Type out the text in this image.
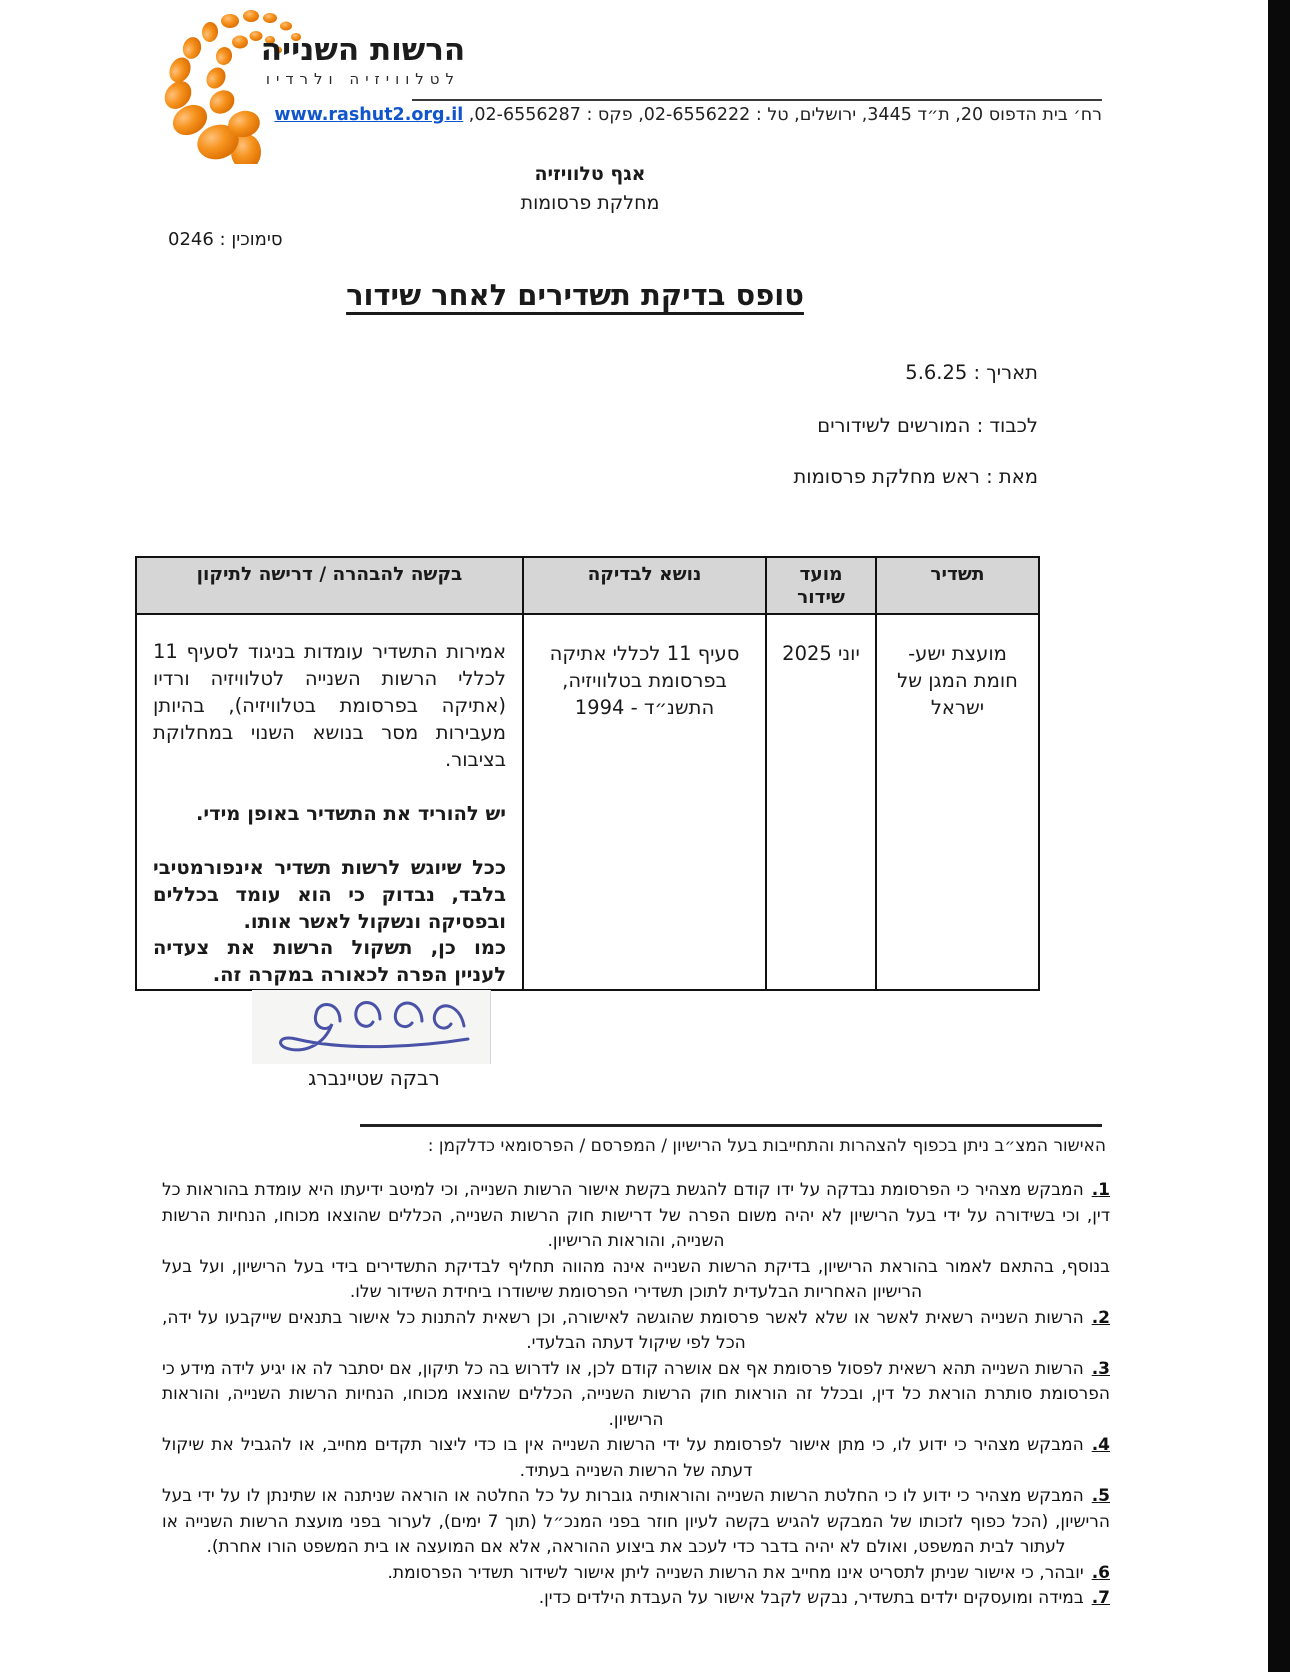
הרשות השנייה
לטלוויזיה ולרדיו
רח׳ בית הדפוס 20, ת״ד 3445, ירושלים, טל : 02-6556222, פקס : 02-6556287, www.rashut2.org.il
אגף טלוויזיה
מחלקת פרסומות
סימוכין : 0246
טופס בדיקת תשדירים לאחר שידור
תאריך : 5.6.25
לכבוד : המורשים לשידורים
מאת : ראש מחלקת פרסומות
תשדיר	מועד שידור	נושא לבדיקה	בקשה להבהרה / דרישה לתיקון
מועצת ישע- חומת המגן של ישראל	יוני 2025	סעיף 11 לכללי אתיקה בפרסומת בטלוויזיה, התשנ״ד - 1994	אמירות התשדיר עומדות בניגוד לסעיף 11 לכללי הרשות השנייה לטלוויזיה ורדיו (אתיקה בפרסומת בטלוויזיה), בהיותן מעבירות מסר בנושא השנוי במחלוקת בציבור.

יש להוריד את התשדיר באופן מידי.

ככל שיוגש לרשות תשדיר אינפורמטיבי בלבד, נבדוק כי הוא עומד בכללים ובפסיקה ונשקול לאשר אותו.

כמו כן, תשקול הרשות את צעדיה לעניין הפרה לכאורה במקרה זה.

רבקה שטיינברג
האישור המצ״ב ניתן בכפוף להצהרות והתחייבות בעל הרישיון / המפרסם / הפרסומאי כדלקמן :

1.המבקש מצהיר כי הפרסומת נבדקה על ידו קודם להגשת בקשת אישור הרשות השנייה, וכי למיטב ידיעתו היא עומדת בהוראות כל דין, וכי בשידורה על ידי בעל הרישיון לא יהיה משום הפרה של דרישות חוק הרשות השנייה, הכללים שהוצאו מכוחו, הנחיות הרשות השנייה, והוראות הרישיון.

בנוסף, בהתאם לאמור בהוראת הרישיון, בדיקת הרשות השנייה אינה מהווה תחליף לבדיקת התשדירים בידי בעל הרישיון, ועל בעל הרישיון האחריות הבלעדית לתוכן תשדירי הפרסומת שישודרו ביחידת השידור שלו.

2.הרשות השנייה רשאית לאשר או שלא לאשר פרסומת שהוגשה לאישורה, וכן רשאית להתנות כל אישור בתנאים שייקבעו על ידה, הכל לפי שיקול דעתה הבלעדי.

3.הרשות השנייה תהא רשאית לפסול פרסומת אף אם אושרה קודם לכן, או לדרוש בה כל תיקון, אם יסתבר לה או יגיע לידה מידע כי הפרסומת סותרת הוראת כל דין, ובכלל זה הוראות חוק הרשות השנייה, הכללים שהוצאו מכוחו, הנחיות הרשות השנייה, והוראות הרישיון.

4.המבקש מצהיר כי ידוע לו, כי מתן אישור לפרסומת על ידי הרשות השנייה אין בו כדי ליצור תקדים מחייב, או להגביל את שיקול דעתה של הרשות השנייה בעתיד.

5.המבקש מצהיר כי ידוע לו כי החלטת הרשות השנייה והוראותיה גוברות על כל החלטה או הוראה שניתנה או שתינתן לו על ידי בעל הרישיון, (הכל כפוף לזכותו של המבקש להגיש בקשה לעיון חוזר בפני המנכ״ל (תוך 7 ימים), לערור בפני מועצת הרשות השנייה או לעתור לבית המשפט, ואולם לא יהיה בדבר כדי לעכב את ביצוע ההוראה, אלא אם המועצה או בית המשפט הורו אחרת).

6.יובהר, כי אישור שניתן לתסריט אינו מחייב את הרשות השנייה ליתן אישור לשידור תשדיר הפרסומת.

7.במידה ומועסקים ילדים בתשדיר, נבקש לקבל אישור על העבדת הילדים כדין.
